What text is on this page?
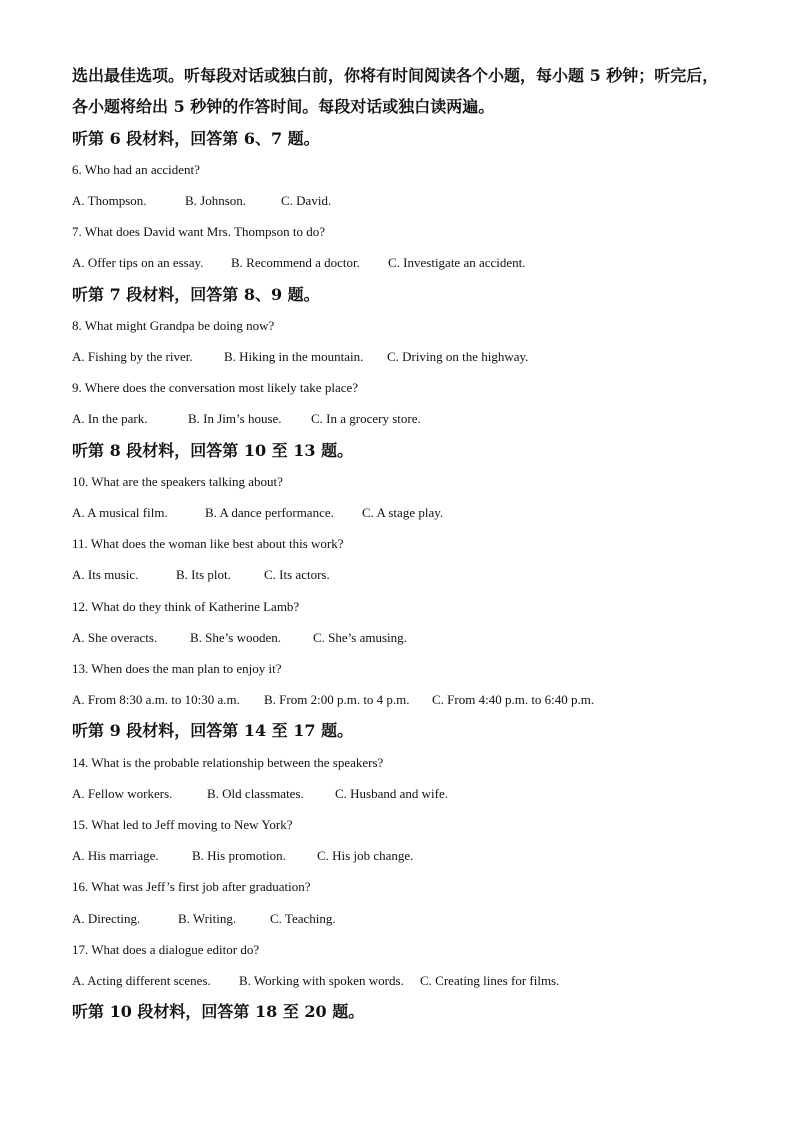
选出最佳选项。听每段对话或独白前，你将有时间阅读各个小题，每小题 5 秒钟；听完后，
各小题将给出 5 秒钟的作答时间。每段对话或独白读两遍。
听第 6 段材料，回答第 6、7 题。
6. Who had an accident?
A. Thompson.	B. Johnson.	C. David.
7. What does David want Mrs. Thompson to do?
A. Offer tips on an essay. B. Recommend a doctor. C. Investigate an accident.
听第 7 段材料，回答第 8、9 题。
8. What might Grandpa be doing now?
A. Fishing by the river. B. Hiking in the mountain. C. Driving on the highway.
9. Where does the conversation most likely take place?
A. In the park.	B. In Jim’s house. C. In a grocery store.
听第 8 段材料，回答第 10 至 13 题。
10. What are the speakers talking about?
A. A musical film.	B. A dance performance. C. A stage play.
11. What does the woman like best about this work?
A. Its music.	B. Its plot.	C. Its actors.
12. What do they think of Katherine Lamb?
A. She overacts.	B. She’s wooden. C. She’s amusing.
13. When does the man plan to enjoy it?
A. From 8:30 a.m. to 10:30 a.m. B. From 2:00 p.m. to 4 p.m. C. From 4:40 p.m. to 6:40 p.m.
听第 9 段材料，回答第 14 至 17 题。
14. What is the probable relationship between the speakers?
A. Fellow workers.	B. Old classmates. C. Husband and wife.
15. What led to Jeff moving to New York?
A. His marriage.	B. His promotion. C. His job change.
16. What was Jeff’s first job after graduation?
A. Directing.	B. Writing.	C. Teaching.
17. What does a dialogue editor do?
A. Acting different scenes. B. Working with spoken words. C. Creating lines for films.
听第 10 段材料，回答第 18 至 20 题。
